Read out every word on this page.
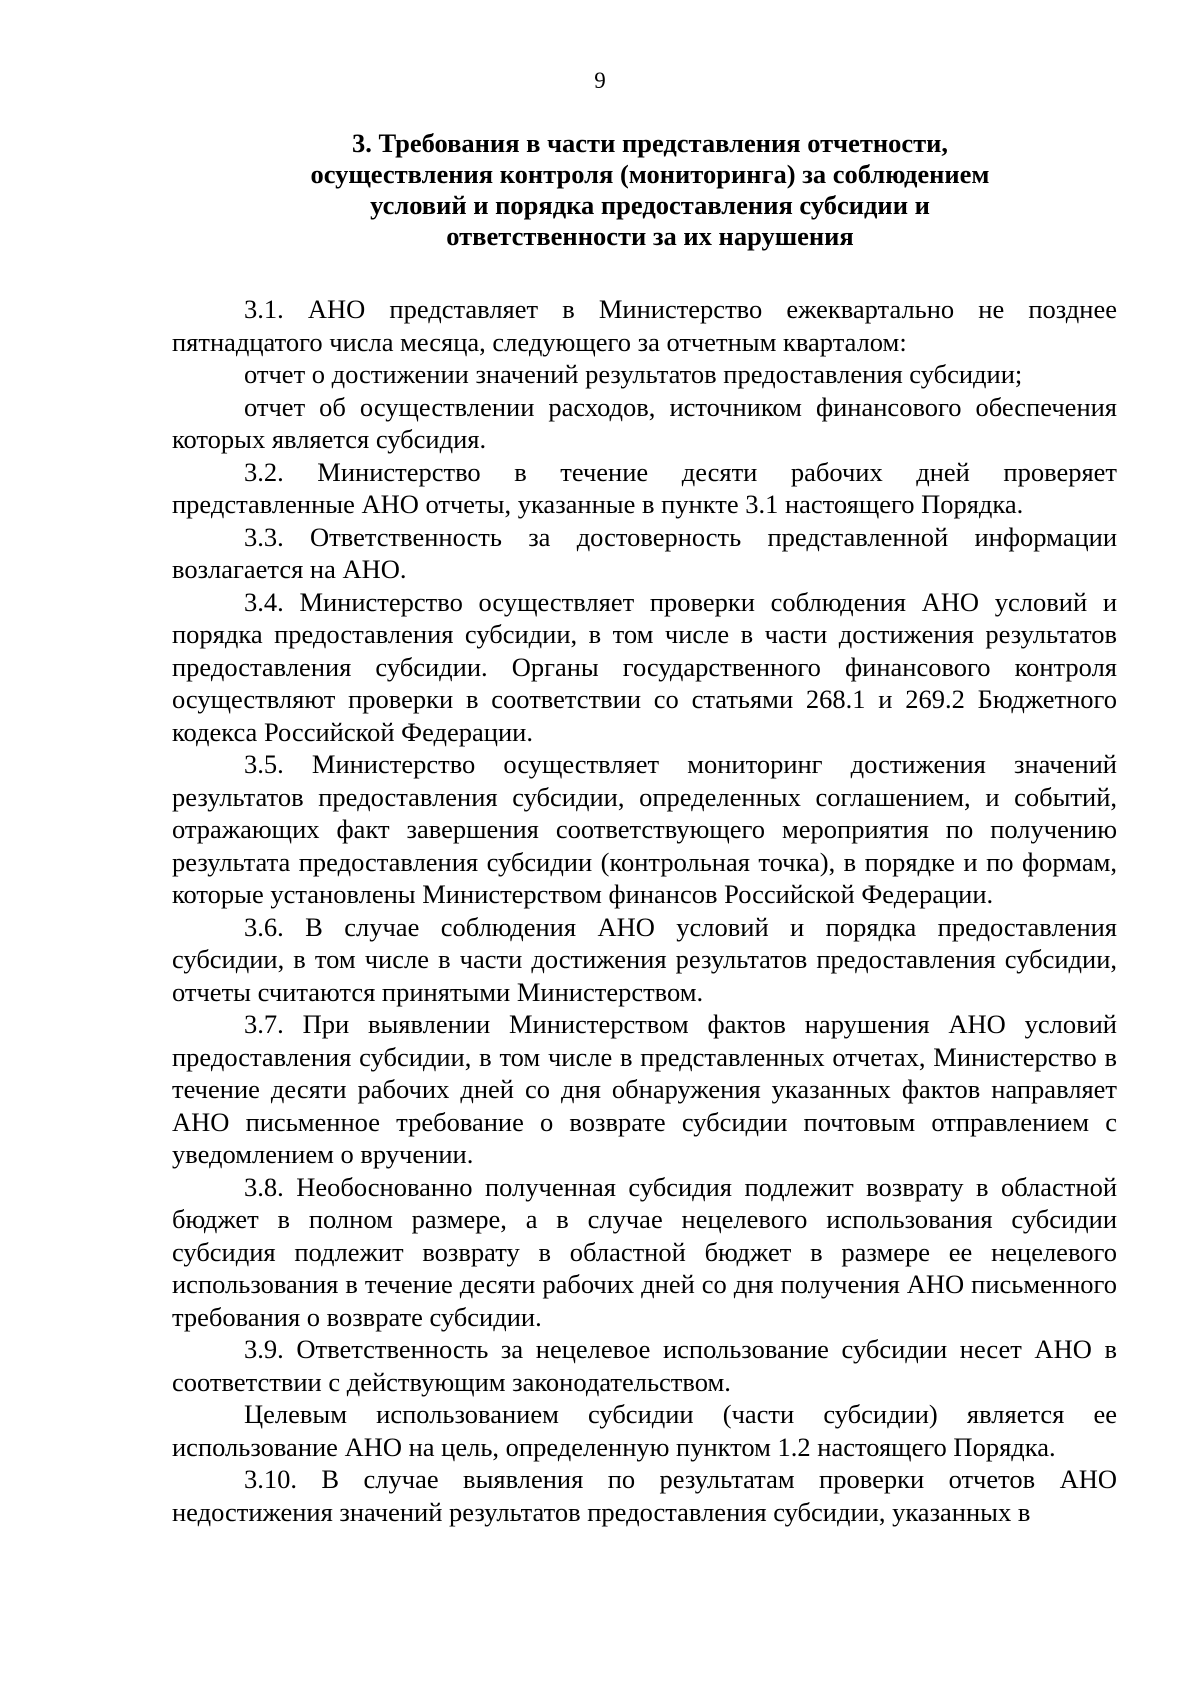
9
3. Требования в части представления отчетности,
осуществления контроля (мониторинга) за соблюдением
условий и порядка предоставления субсидии и
ответственности за их нарушения

3.1. АНО представляет в Министерство ежеквартально не позднее пятнадцатого числа месяца, следующего за отчетным кварталом:

отчет о достижении значений результатов предоставления субсидии;

отчет об осуществлении расходов, источником финансового обеспечения которых является субсидия.

3.2. Министерство в течение десяти рабочих дней проверяет представленные АНО отчеты, указанные в пункте 3.1 настоящего Порядка.

3.3. Ответственность за достоверность представленной информации возлагается на АНО.

3.4. Министерство осуществляет проверки соблюдения АНО условий и порядка предоставления субсидии, в том числе в части достижения результатов предоставления субсидии. Органы государственного финансового контроля осуществляют проверки в соответствии со статьями 268.1 и 269.2 Бюджетного кодекса Российской Федерации.

3.5. Министерство осуществляет мониторинг достижения значений результатов предоставления субсидии, определенных соглашением, и событий, отражающих факт завершения соответствующего мероприятия по получению результата предоставления субсидии (контрольная точка), в порядке и по формам, которые установлены Министерством финансов Российской Федерации.

3.6. В случае соблюдения АНО условий и порядка предоставления субсидии, в том числе в части достижения результатов предоставления субсидии, отчеты считаются принятыми Министерством.

3.7. При выявлении Министерством фактов нарушения АНО условий предоставления субсидии, в том числе в представленных отчетах, Министерство в течение десяти рабочих дней со дня обнаружения указанных фактов направляет АНО письменное требование о возврате субсидии почтовым отправлением с уведомлением о вручении.

3.8. Необоснованно полученная субсидия подлежит возврату в областной бюджет в полном размере, а в случае нецелевого использования субсидии субсидия подлежит возврату в областной бюджет в размере ее нецелевого использования в течение десяти рабочих дней со дня получения АНО письменного требования о возврате субсидии.

3.9. Ответственность за нецелевое использование субсидии несет АНО в соответствии с действующим законодательством.

Целевым использованием субсидии (части субсидии) является ее использование АНО на цель, определенную пунктом 1.2 настоящего Порядка.

3.10. В случае выявления по результатам проверки отчетов АНО недостижения значений результатов предоставления субсидии, указанных в
